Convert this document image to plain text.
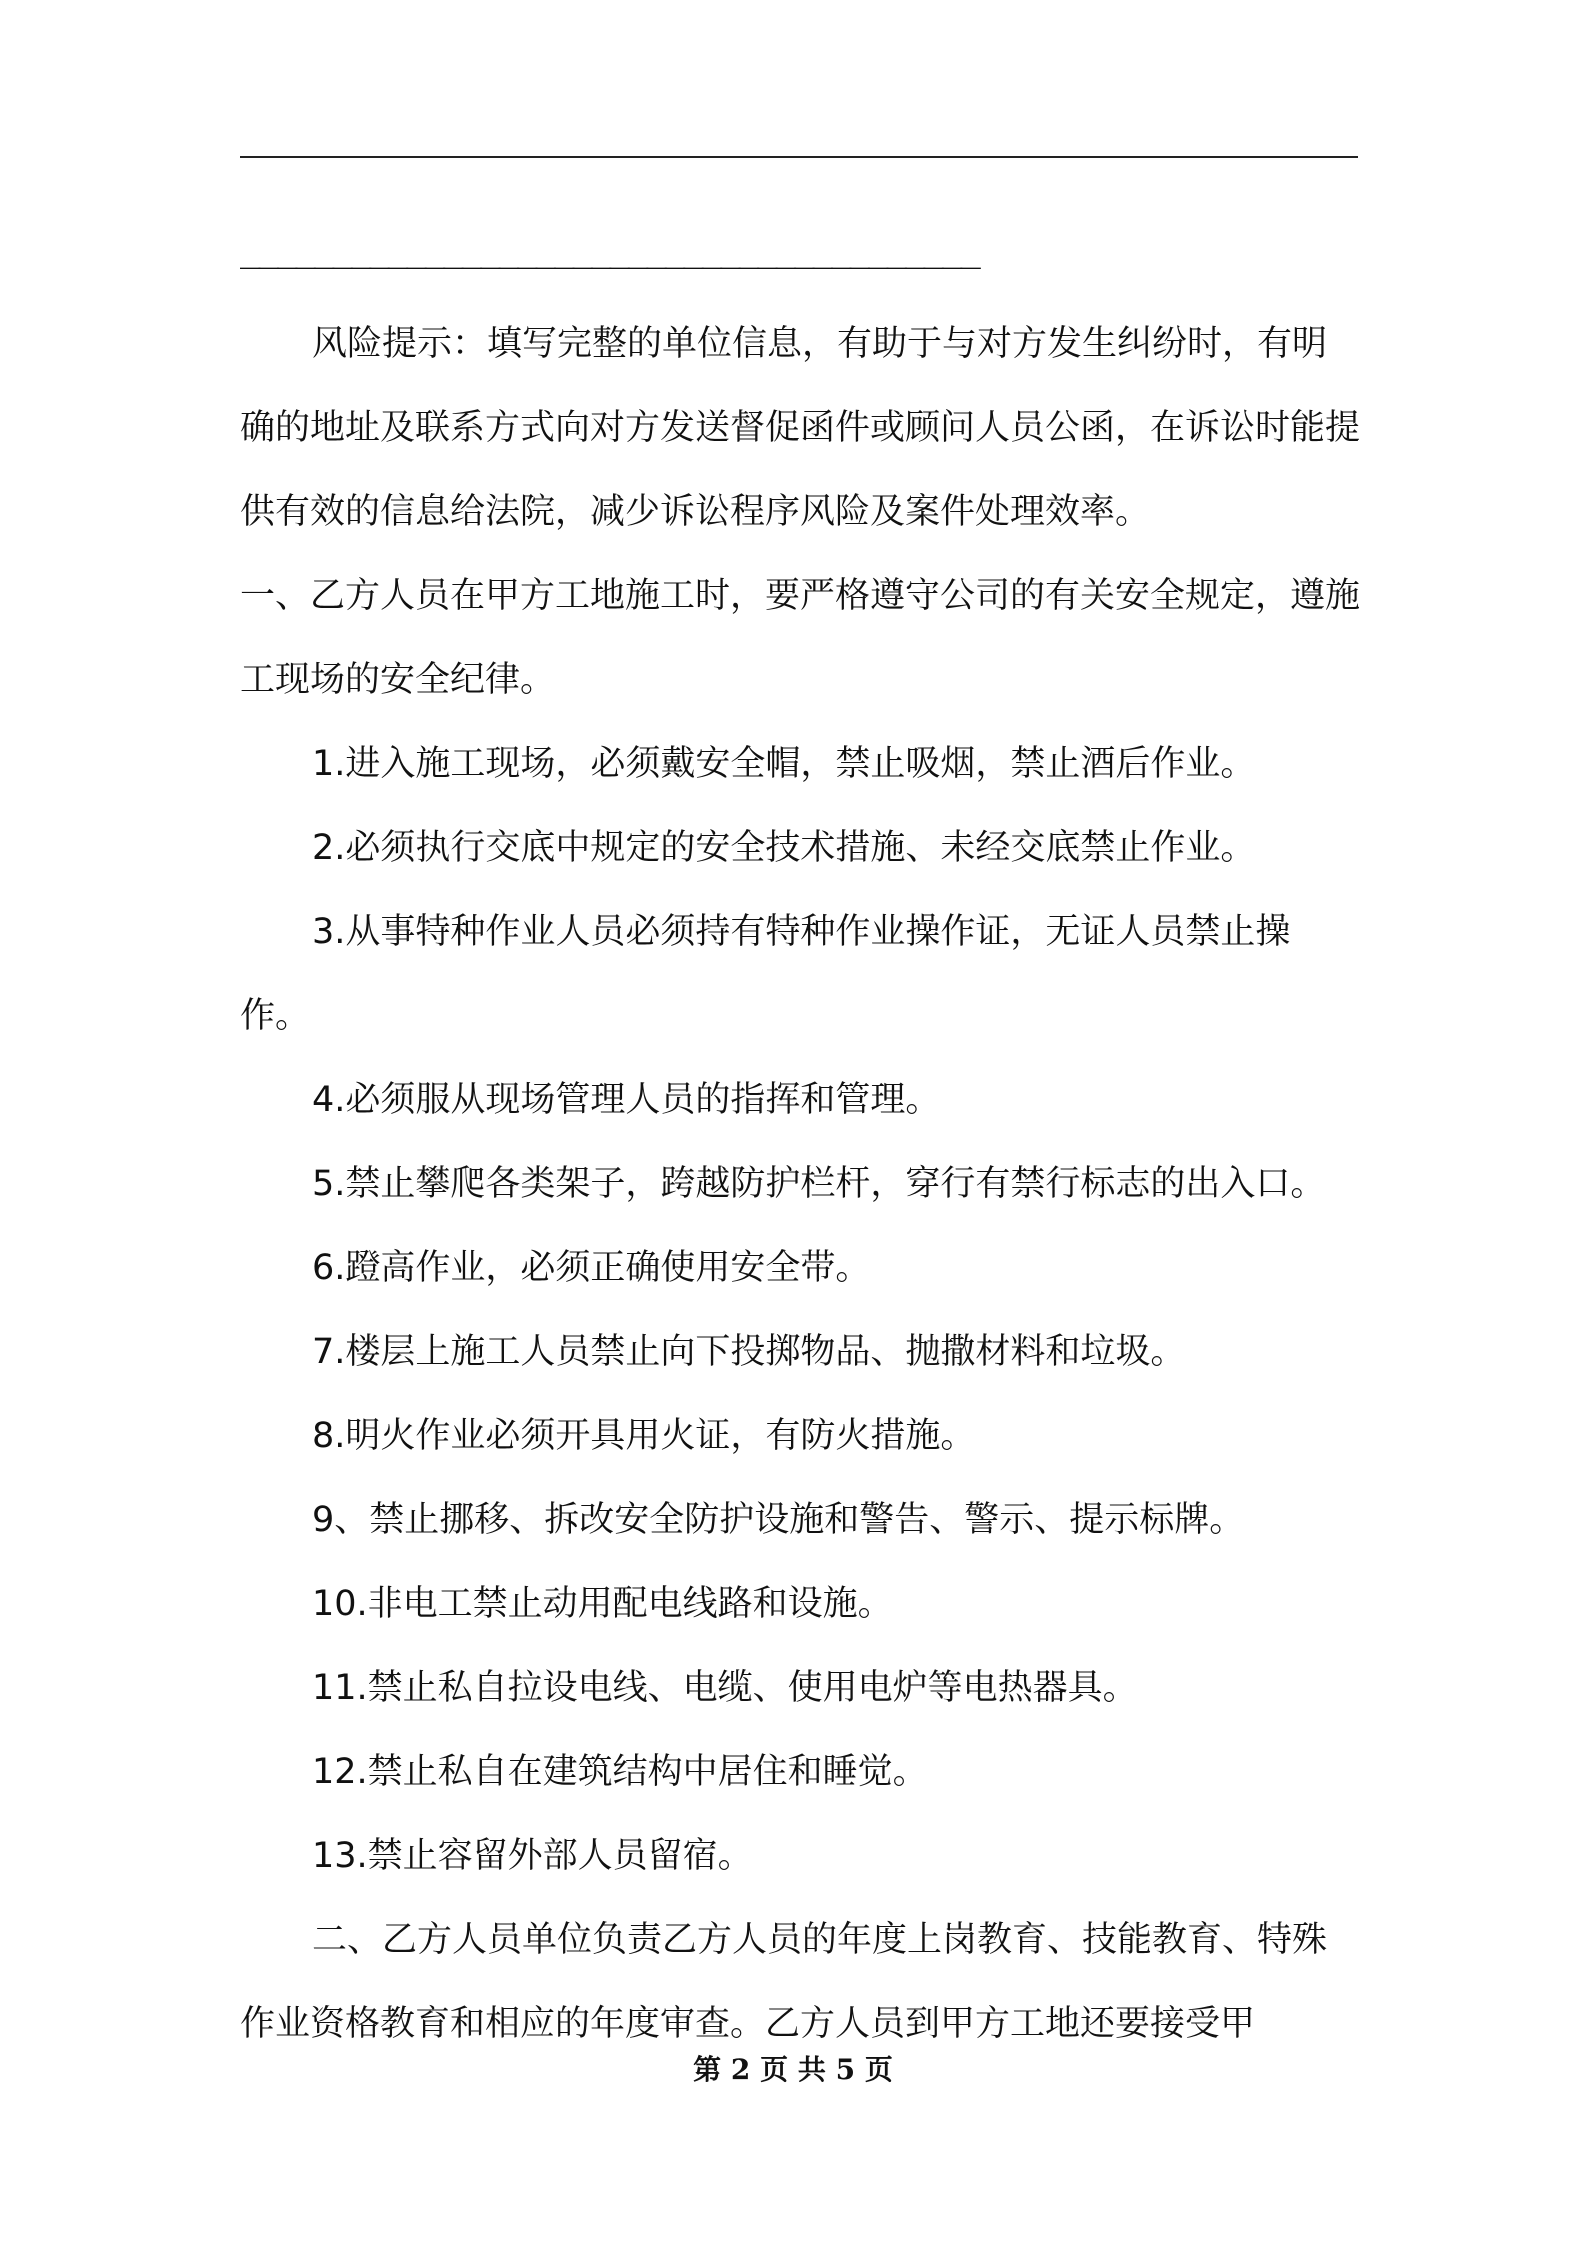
________________________________________

风险提示：填写完整的单位信息，有助于与对方发生纠纷时，有明确的地址及联系方式向对方发送督促函件或顾问人员公函，在诉讼时能提供有效的信息给法院，减少诉讼程序风险及案件处理效率。

一、乙方人员在甲方工地施工时，要严格遵守公司的有关安全规定，遵施工现场的安全纪律。

1.进入施工现场，必须戴安全帽，禁止吸烟，禁止酒后作业。

2.必须执行交底中规定的安全技术措施、未经交底禁止作业。

3.从事特种作业人员必须持有特种作业操作证，无证人员禁止操作。

4.必须服从现场管理人员的指挥和管理。

5.禁止攀爬各类架子，跨越防护栏杆，穿行有禁行标志的出入口。

6.蹬高作业，必须正确使用安全带。

7.楼层上施工人员禁止向下投掷物品、抛撒材料和垃圾。

8.明火作业必须开具用火证，有防火措施。

9、禁止挪移、拆改安全防护设施和警告、警示、提示标牌。

10.非电工禁止动用配电线路和设施。

11.禁止私自拉设电线、电缆、使用电炉等电热器具。

12.禁止私自在建筑结构中居住和睡觉。

13.禁止容留外部人员留宿。

二、乙方人员单位负责乙方人员的年度上岗教育、技能教育、特殊作业资格教育和相应的年度审查。乙方人员到甲方工地还要接受甲

第 2 页 共 5 页
